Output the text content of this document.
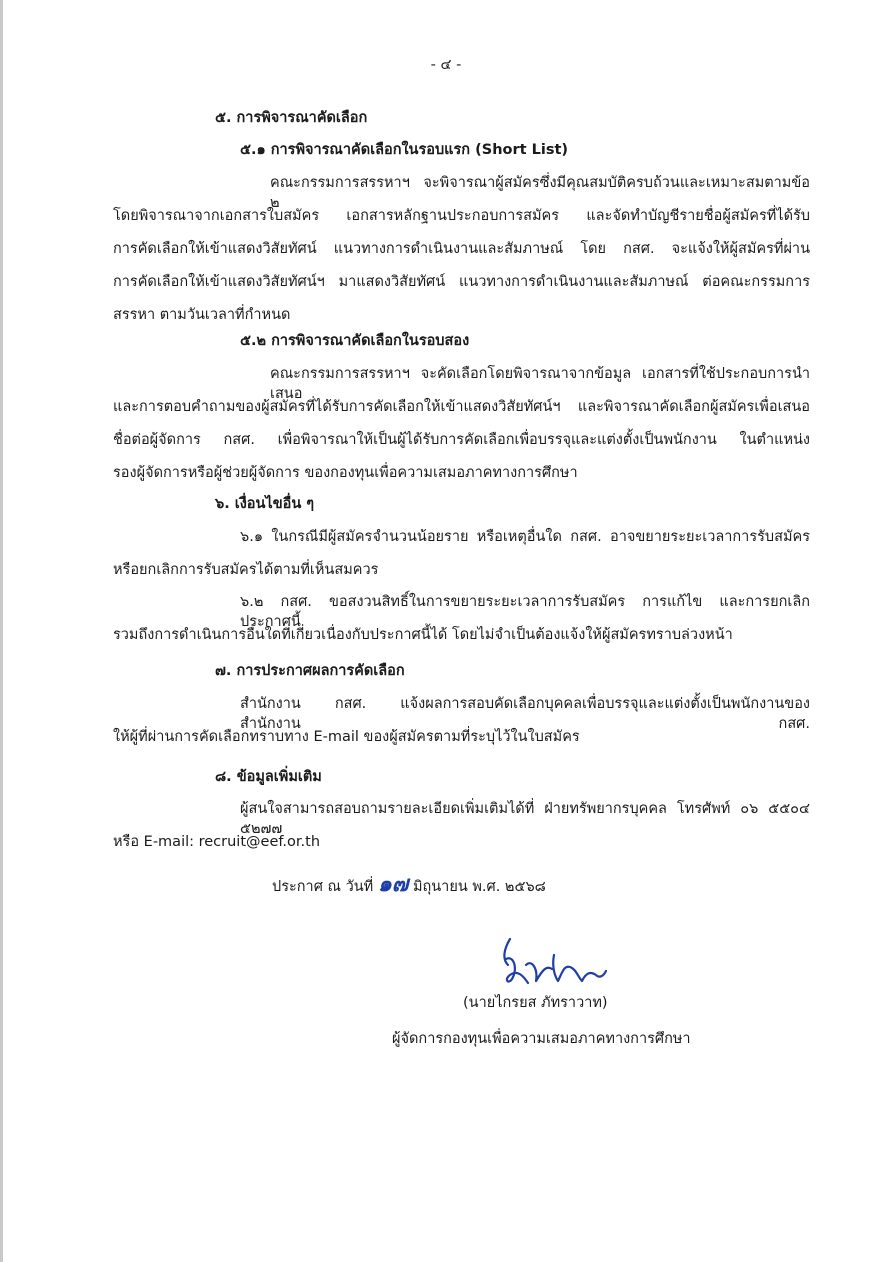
- ๔ -
๕. การพิจารณาคัดเลือก
๕.๑ การพิจารณาคัดเลือกในรอบแรก (Short List)
คณะกรรมการสรรหาฯ จะพิจารณาผู้สมัครซึ่งมีคุณสมบัติครบถ้วนและเหมาะสมตามข้อ ๒
โดยพิจารณาจากเอกสารใบสมัคร เอกสารหลักฐานประกอบการสมัคร และจัดทำบัญชีรายชื่อผู้สมัครที่ได้รับ
การคัดเลือกให้เข้าแสดงวิสัยทัศน์ แนวทางการดำเนินงานและสัมภาษณ์ โดย กสศ. จะแจ้งให้ผู้สมัครที่ผ่าน
การคัดเลือกให้เข้าแสดงวิสัยทัศน์ฯ มาแสดงวิสัยทัศน์ แนวทางการดำเนินงานและสัมภาษณ์ ต่อคณะกรรมการ
สรรหา ตามวันเวลาที่กำหนด
๕.๒ การพิจารณาคัดเลือกในรอบสอง
คณะกรรมการสรรหาฯ จะคัดเลือกโดยพิจารณาจากข้อมูล เอกสารที่ใช้ประกอบการนำเสนอ
และการตอบคำถามของผู้สมัครที่ได้รับการคัดเลือกให้เข้าแสดงวิสัยทัศน์ฯ และพิจารณาคัดเลือกผู้สมัครเพื่อเสนอ
ชื่อต่อผู้จัดการ กสศ. เพื่อพิจารณาให้เป็นผู้ได้รับการคัดเลือกเพื่อบรรจุและแต่งตั้งเป็นพนักงาน ในตำแหน่ง
รองผู้จัดการหรือผู้ช่วยผู้จัดการ ของกองทุนเพื่อความเสมอภาคทางการศึกษา
๖. เงื่อนไขอื่น ๆ
๖.๑ ในกรณีมีผู้สมัครจำนวนน้อยราย หรือเหตุอื่นใด กสศ. อาจขยายระยะเวลาการรับสมัคร
หรือยกเลิกการรับสมัครได้ตามที่เห็นสมควร
๖.๒ กสศ. ขอสงวนสิทธิ์ในการขยายระยะเวลาการรับสมัคร การแก้ไข และการยกเลิกประกาศนี้
รวมถึงการดำเนินการอื่นใดที่เกี่ยวเนื่องกับประกาศนี้ได้ โดยไม่จำเป็นต้องแจ้งให้ผู้สมัครทราบล่วงหน้า
๗. การประกาศผลการคัดเลือก
สำนักงาน กสศ. แจ้งผลการสอบคัดเลือกบุคคลเพื่อบรรจุและแต่งตั้งเป็นพนักงานของสำนักงาน กสศ.
ให้ผู้ที่ผ่านการคัดเลือกทราบทาง E-mail ของผู้สมัครตามที่ระบุไว้ในใบสมัคร
๘. ข้อมูลเพิ่มเติม
ผู้สนใจสามารถสอบถามรายละเอียดเพิ่มเติมได้ที่ ฝ่ายทรัพยากรบุคคล โทรศัพท์ ๐๖ ๕๕๐๔ ๕๒๗๗
หรือ E-mail: recruit@eef.or.th
ประกาศ ณ วันที่ ๑๗ มิถุนายน พ.ศ. ๒๕๖๘
(นายไกรยส ภัทราวาท)
ผู้จัดการกองทุนเพื่อความเสมอภาคทางการศึกษา
